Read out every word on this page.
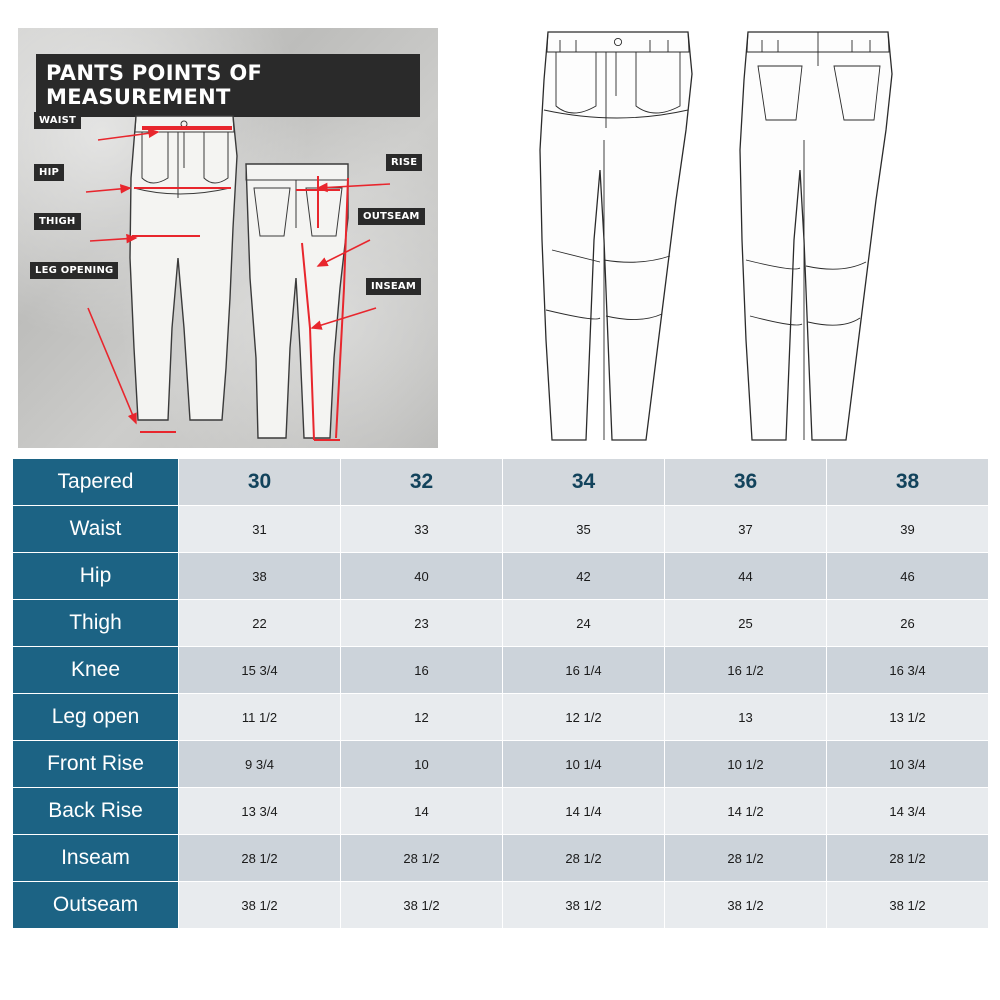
PANTS POINTS OF MEASUREMENT
WAIST
HIP
THIGH
LEG OPENING
RISE
OUTSEAM
INSEAM
Tapered	30	32	34	36	38
Waist	31	33	35	37	39
Hip	38	40	42	44	46
Thigh	22	23	24	25	26
Knee	15 3/4	16	16 1/4	16 1/2	16 3/4
Leg open	11 1/2	12	12 1/2	13	13 1/2
Front Rise	9 3/4	10	10 1/4	10 1/2	10 3/4
Back Rise	13 3/4	14	14 1/4	14 1/2	14 3/4
Inseam	28 1/2	28 1/2	28 1/2	28 1/2	28 1/2
Outseam	38 1/2	38 1/2	38 1/2	38 1/2	38 1/2
